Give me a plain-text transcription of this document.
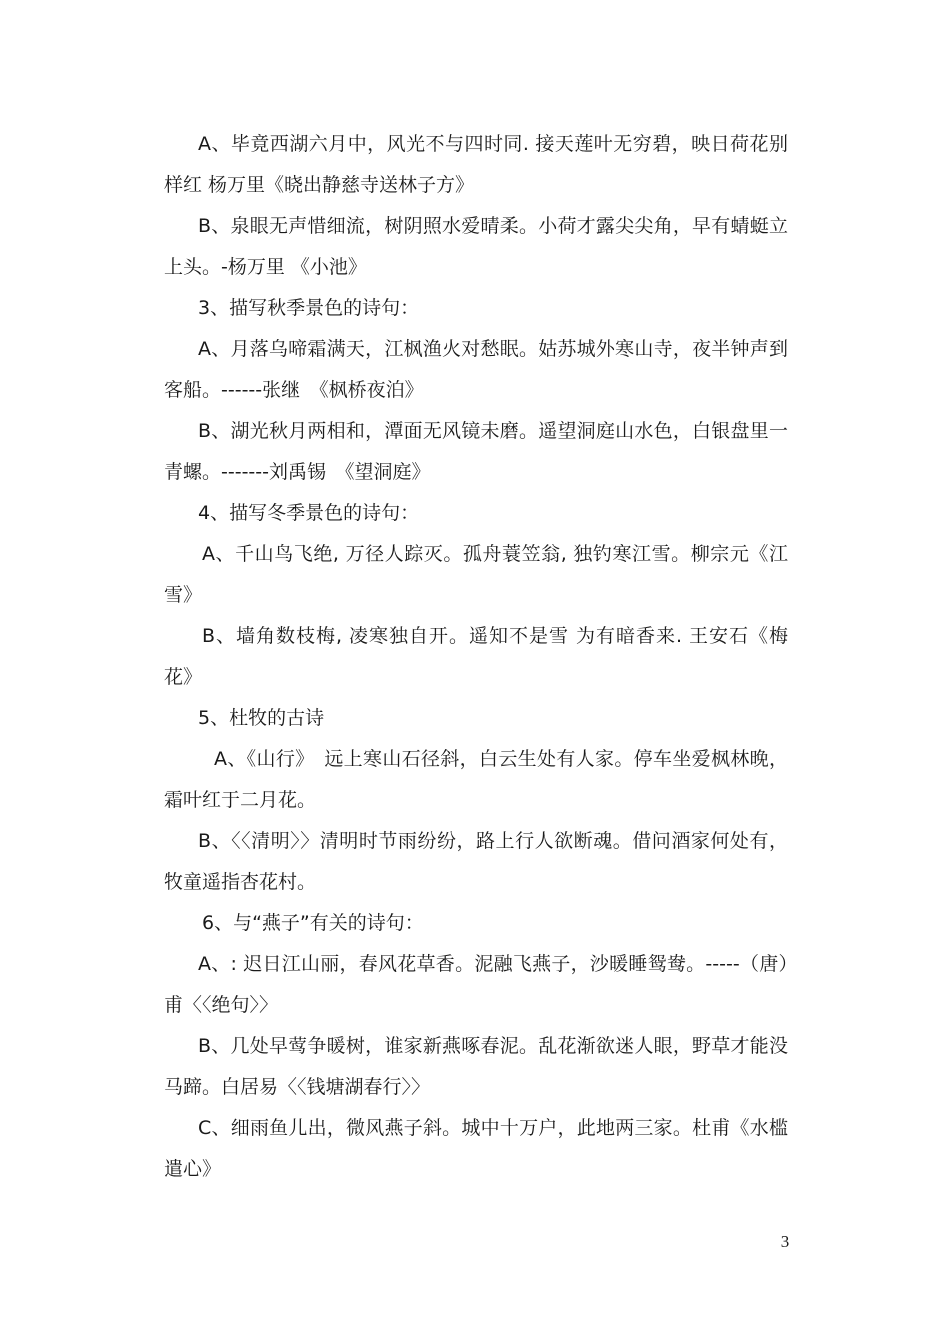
A、毕竟西湖六月中，风光不与四时同. 接天莲叶无穷碧，映日荷花别
样红 杨万里《晓出静慈寺送林子方》
B、泉眼无声惜细流，树阴照水爱晴柔。小荷才露尖尖角，早有蜻蜓立
上头。-杨万里 《小池》
3、描写秋季景色的诗句：
A、月落乌啼霜满天，江枫渔火对愁眠。姑苏城外寒山寺，夜半钟声到
客船。------张继　《枫桥夜泊》
B、湖光秋月两相和，潭面无风镜未磨。遥望洞庭山水色，白银盘里一
青螺。-------刘禹锡　《望洞庭》
4、描写冬季景色的诗句：
A、千山鸟飞绝, 万径人踪灭。孤舟蓑笠翁, 独钓寒江雪。柳宗元《江
雪》
B、墙角数枝梅, 凌寒独自开。遥知不是雪 为有暗香来. 王安石《梅
花》
5、杜牧的古诗
A、《山行》　远上寒山石径斜，白云生处有人家。停车坐爱枫林晚，
霜叶红于二月花。
B、〈〈清明〉〉清明时节雨纷纷，路上行人欲断魂。借问酒家何处有，
牧童遥指杏花村。
6、与“燕子”有关的诗句：
A、: 迟日江山丽，春风花草香。泥融飞燕子，沙暖睡鸳鸯。-----（唐）
甫〈〈绝句〉〉
B、几处早莺争暖树，谁家新燕啄春泥。乱花渐欲迷人眼，野草才能没
马蹄。白居易〈〈钱塘湖春行〉〉
C、细雨鱼儿出，微风燕子斜。城中十万户，此地两三家。杜甫《水槛
遣心》
3
